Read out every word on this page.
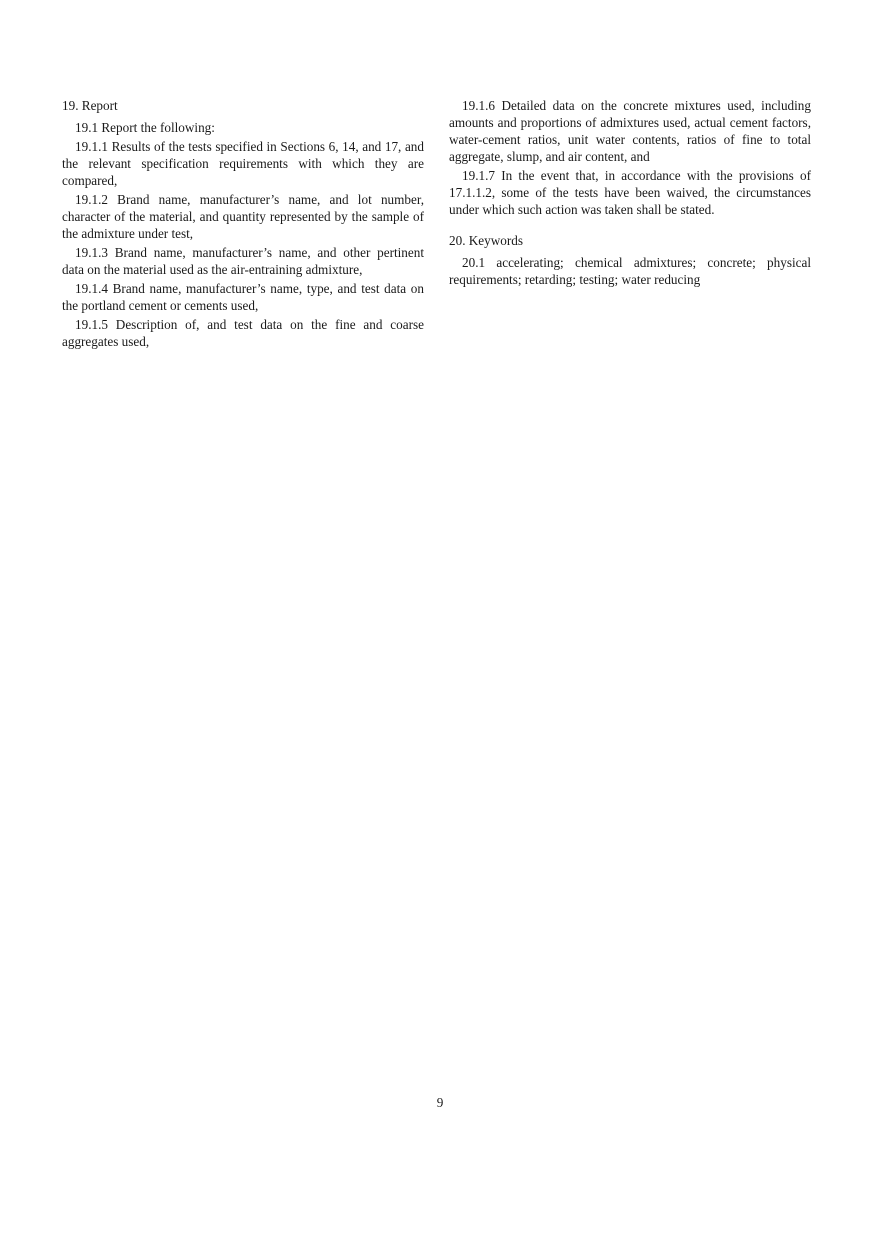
19. Report

19.1 Report the following:

19.1.1 Results of the tests specified in Sections 6, 14, and 17, and the relevant specification requirements with which they are compared,

19.1.2 Brand name, manufacturer’s name, and lot number, character of the material, and quantity represented by the sample of the admixture under test,

19.1.3 Brand name, manufacturer’s name, and other pertinent data on the material used as the air-entraining admixture,

19.1.4 Brand name, manufacturer’s name, type, and test data on the portland cement or cements used,

19.1.5 Description of, and test data on the fine and coarse aggregates used,

19.1.6 Detailed data on the concrete mixtures used, including amounts and proportions of admixtures used, actual cement factors, water-cement ratios, unit water contents, ratios of fine to total aggregate, slump, and air content, and

19.1.7 In the event that, in accordance with the provisions of 17.1.1.2, some of the tests have been waived, the circumstances under which such action was taken shall be stated.

20. Keywords

20.1 accelerating; chemical admixtures; concrete; physical requirements; retarding; testing; water reducing

9
